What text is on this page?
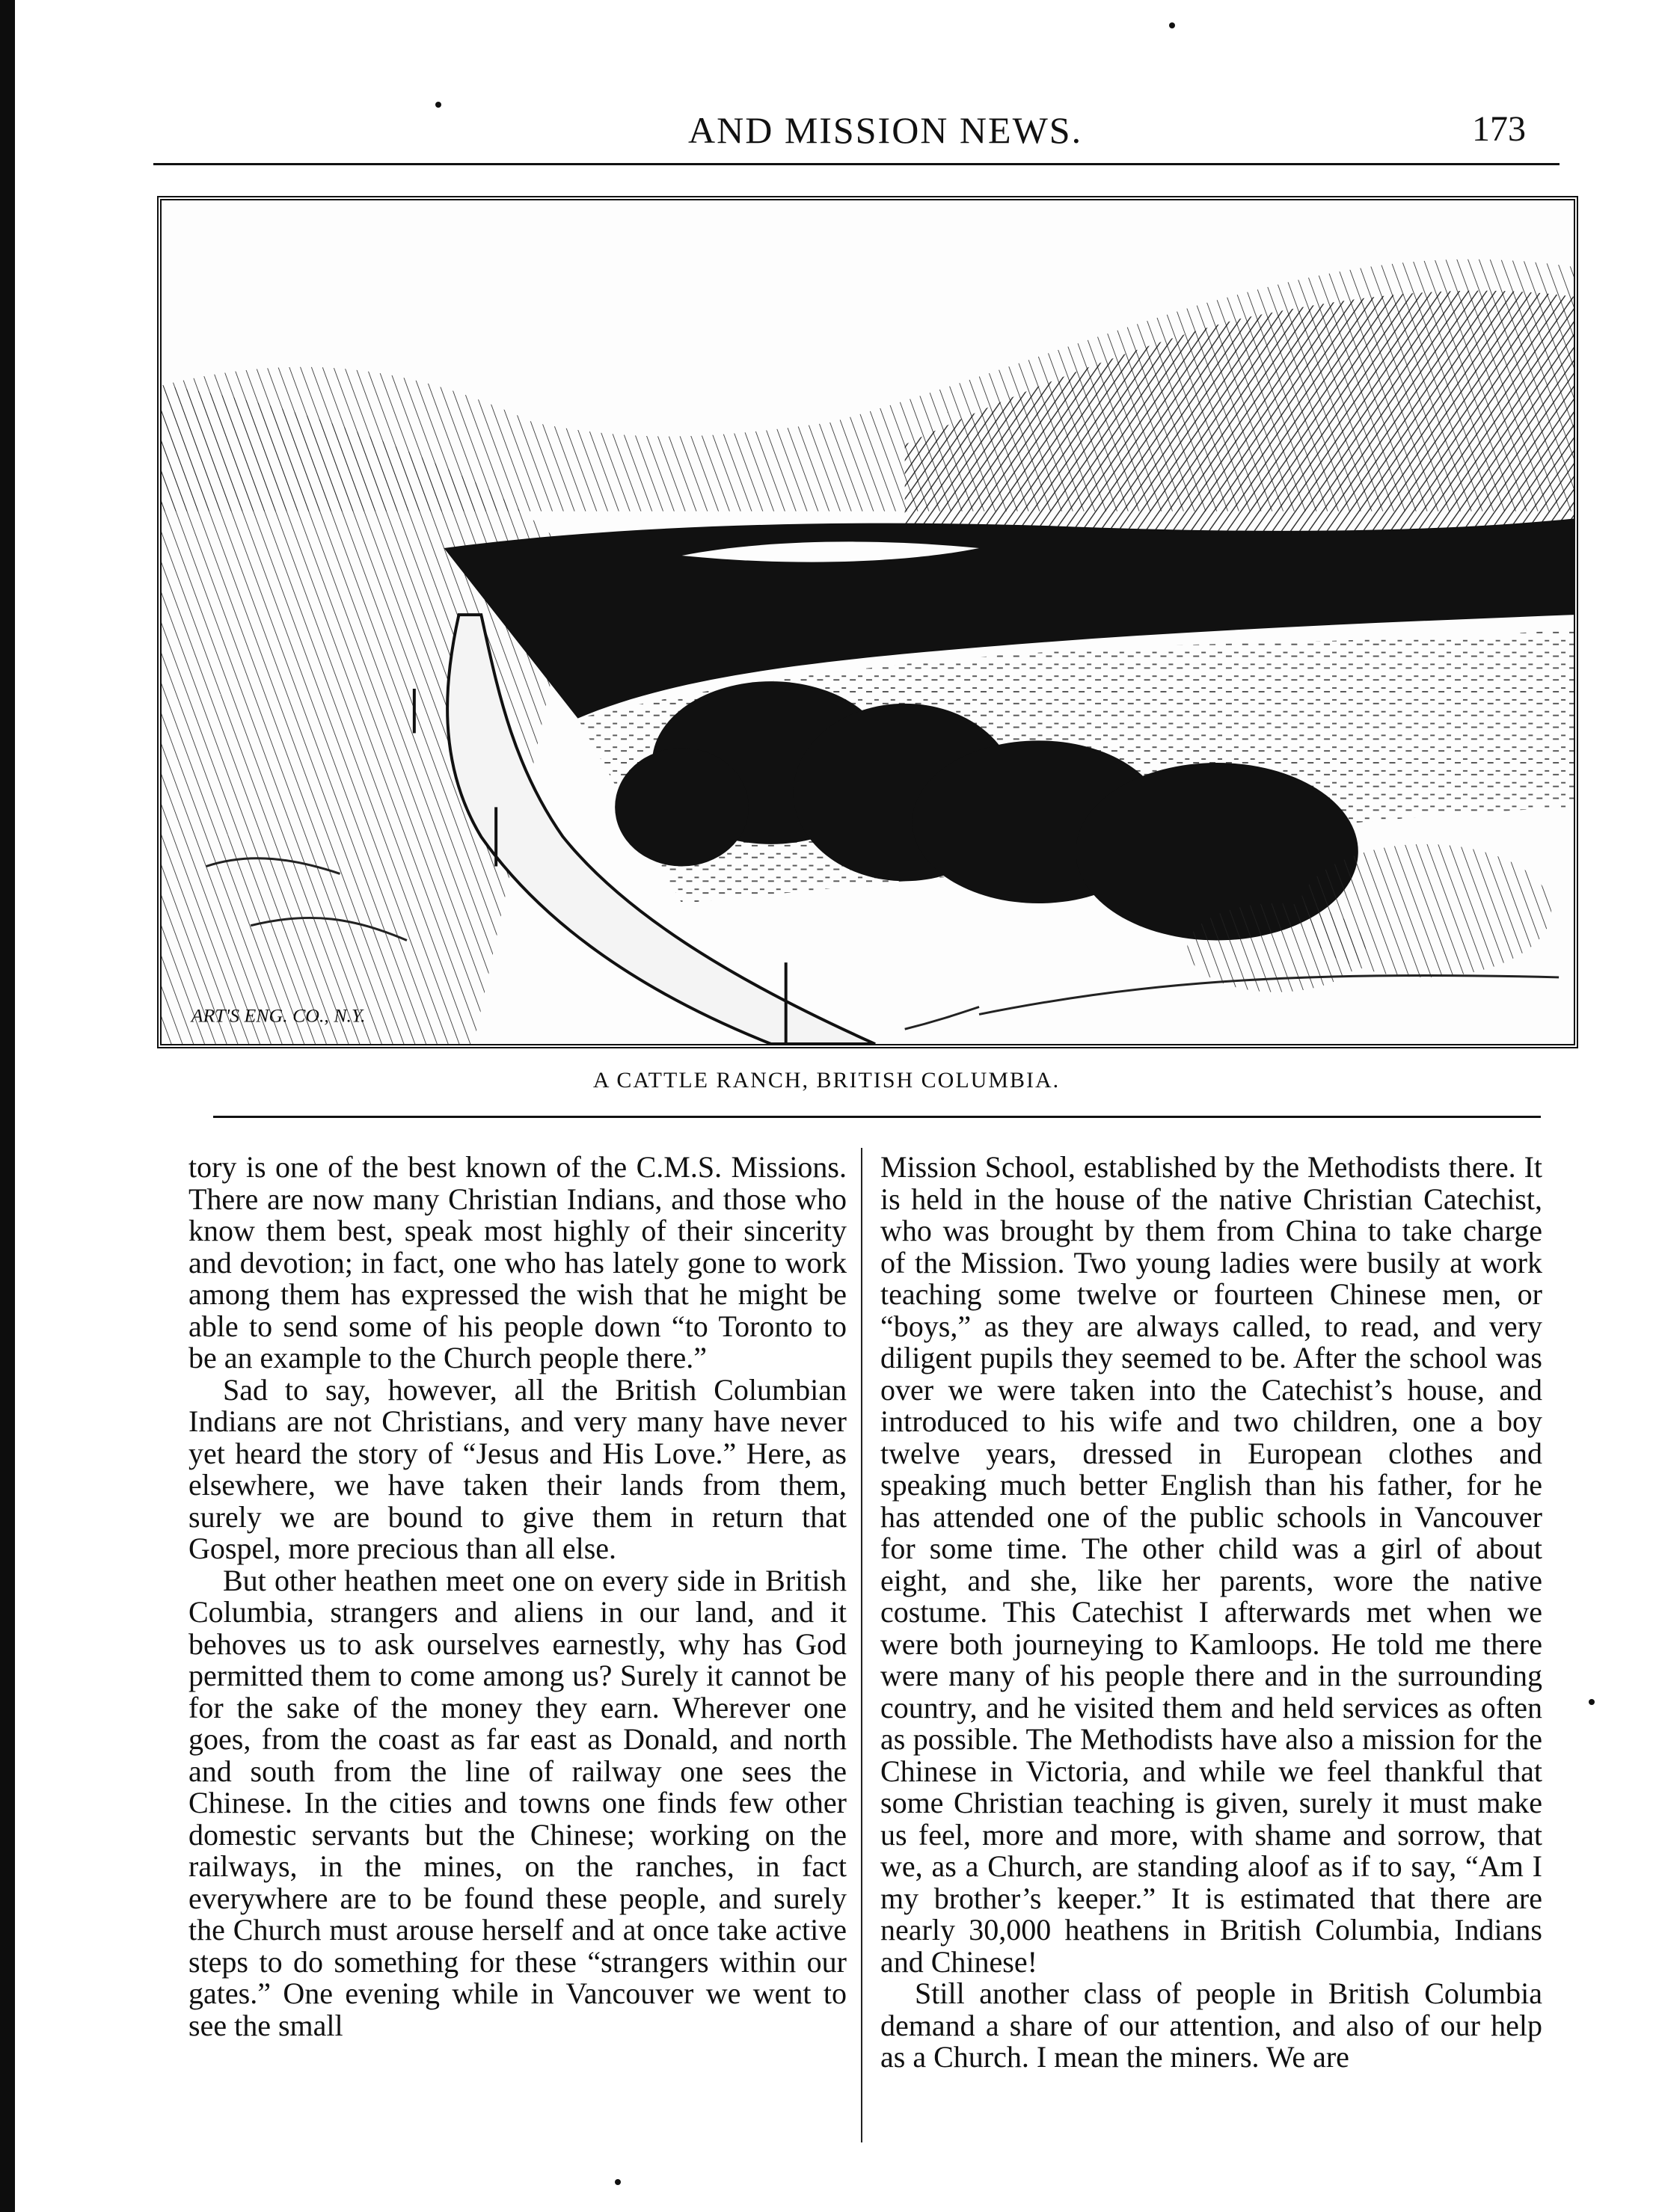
AND MISSION NEWS.	173
ART'S ENG. CO., N.Y.
A CATTLE RANCH, BRITISH COLUMBIA.

tory is one of the best known of the C.M.S. Missions. There are now many Christian Indians, and those who know them best, speak most highly of their sincerity and devotion; in fact, one who has lately gone to work among them has expressed the wish that he might be able to send some of his people down “to Toronto to be an example to the Church people there.”

Sad to say, however, all the British Columbian Indians are not Christians, and very many have never yet heard the story of “Jesus and His Love.” Here, as elsewhere, we have taken their lands from them, surely we are bound to give them in return that Gospel, more precious than all else.

But other heathen meet one on every side in British Columbia, strangers and aliens in our land, and it behoves us to ask ourselves earnestly, why has God permitted them to come among us? Surely it cannot be for the sake of the money they earn. Wherever one goes, from the coast as far east as Donald, and north and south from the line of railway one sees the Chinese. In the cities and towns one finds few other domestic servants but the Chinese; working on the railways, in the mines, on the ranches, in fact everywhere are to be found these people, and surely the Church must arouse herself and at once take active steps to do something for these “strangers within our gates.” One evening while in Vancouver we went to see the small

Mission School, established by the Methodists there. It is held in the house of the native Christian Catechist, who was brought by them from China to take charge of the Mission. Two young ladies were busily at work teaching some twelve or fourteen Chinese men, or “boys,” as they are always called, to read, and very diligent pupils they seemed to be. After the school was over we were taken into the Catechist’s house, and introduced to his wife and two children, one a boy twelve years, dressed in European clothes and speaking much better English than his father, for he has attended one of the public schools in Vancouver for some time. The other child was a girl of about eight, and she, like her parents, wore the native costume. This Catechist I afterwards met when we were both journeying to Kamloops. He told me there were many of his people there and in the surrounding country, and he visited them and held services as often as possible. The Methodists have also a mission for the Chinese in Victoria, and while we feel thankful that some Christian teaching is given, surely it must make us feel, more and more, with shame and sorrow, that we, as a Church, are standing aloof as if to say, “Am I my brother’s keeper.” It is estimated that there are nearly 30,000 heathens in British Columbia, Indians and Chinese!

Still another class of people in British Columbia demand a share of our attention, and also of our help as a Church. I mean the miners. We are
